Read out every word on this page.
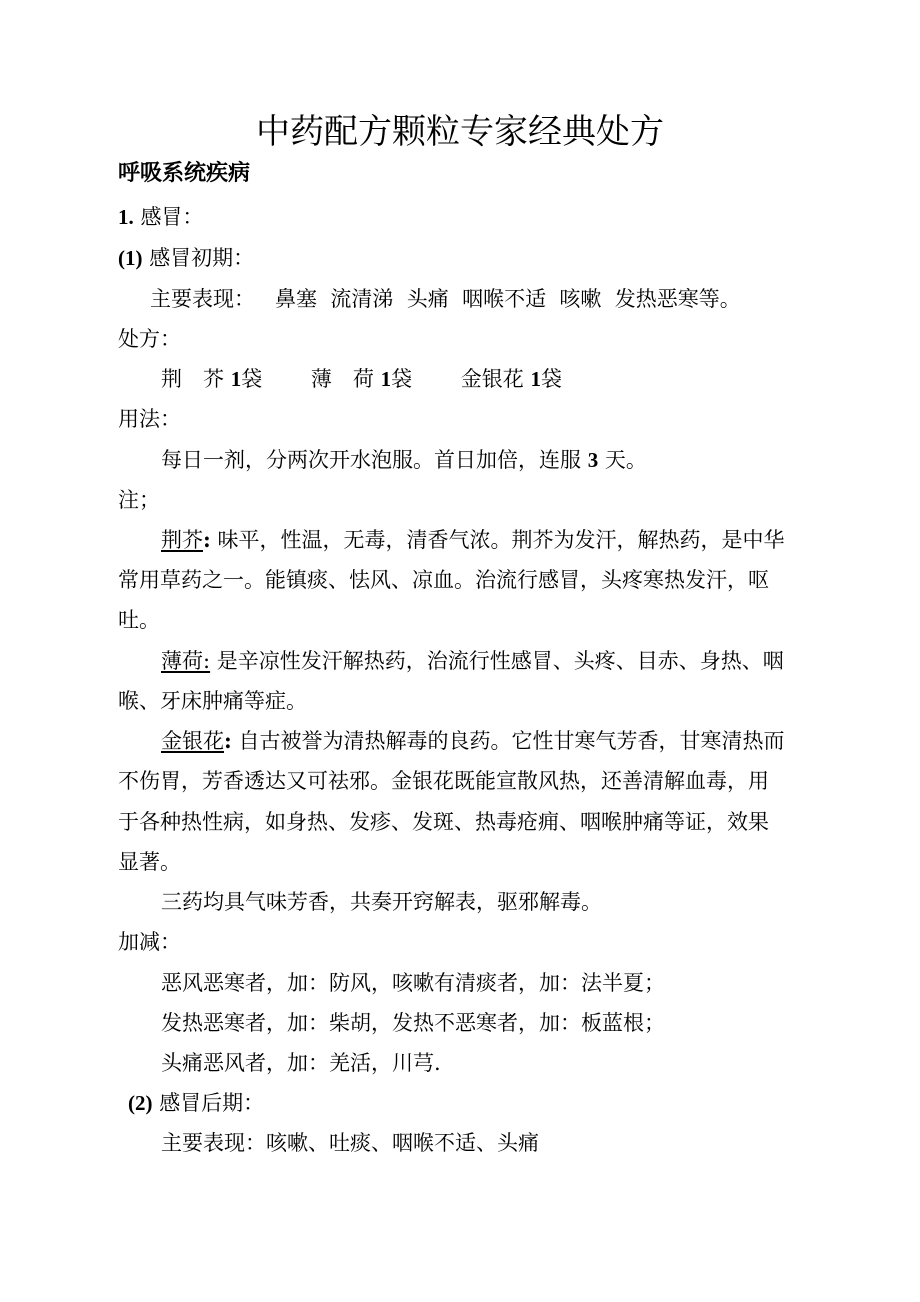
中药配方颗粒专家经典处方
呼吸系统疾病
1. 感冒：
(1) 感冒初期：
主要表现： 鼻塞  流清涕  头痛  咽喉不适  咳嗽  发热恶寒等。
处方：
荆　芥 1袋 薄　荷 1袋 金银花 1袋
用法：
每日一剂，分两次开水泡服。首日加倍，连服 3 天。
注；
荆芥: 味平，性温，无毒，清香气浓。荆芥为发汗，解热药，是中华
常用草药之一。能镇痰、怯风、凉血。治流行感冒，头疼寒热发汗，呕
吐。
薄荷: 是辛凉性发汗解热药，治流行性感冒、头疼、目赤、身热、咽
喉、牙床肿痛等症。
金银花: 自古被誉为清热解毒的良药。它性甘寒气芳香，甘寒清热而
不伤胃，芳香透达又可祛邪。金银花既能宣散风热，还善清解血毒，用
于各种热性病，如身热、发疹、发斑、热毒疮痈、咽喉肿痛等证，效果
显著。
三药均具气味芳香，共奏开窍解表，驱邪解毒。
加减：
恶风恶寒者，加：防风，咳嗽有清痰者，加：法半夏；
发热恶寒者，加：柴胡，发热不恶寒者，加：板蓝根；
头痛恶风者，加：羌活，川芎.
(2) 感冒后期：
主要表现：咳嗽、吐痰、咽喉不适、头痛
